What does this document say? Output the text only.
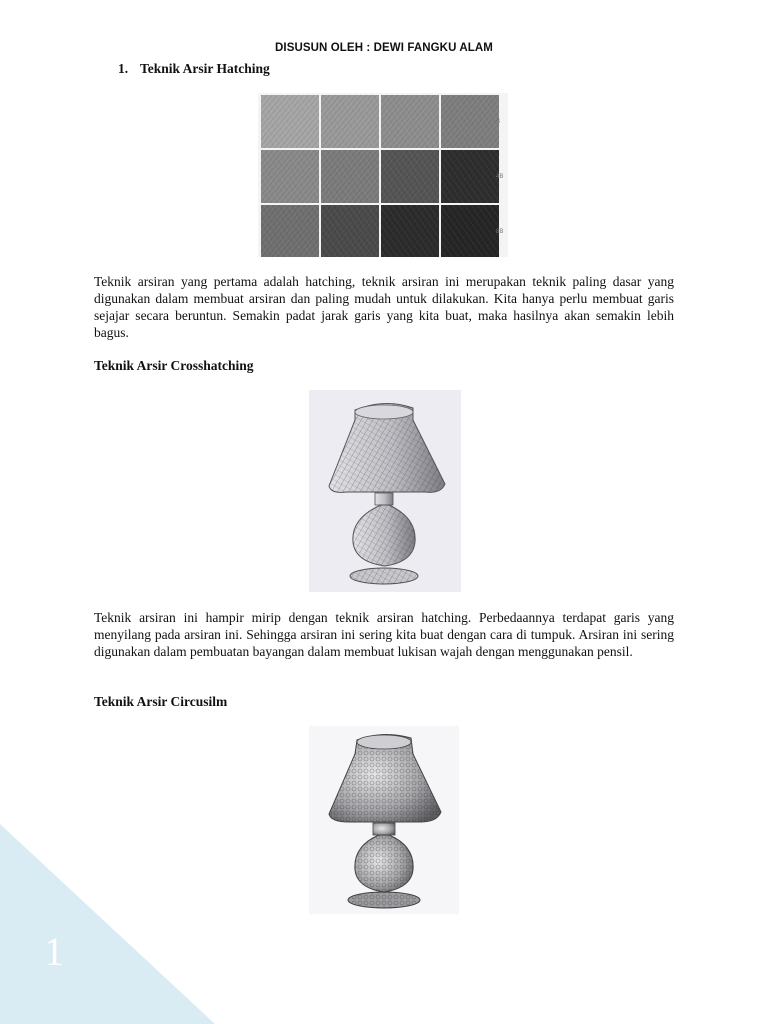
DISUSUN OLEH : DEWI FANGKU ALAM
1. Teknik Arsir Hatching
B
4B
8B

Teknik arsiran yang pertama adalah hatching, teknik arsiran ini merupakan teknik paling dasar yang digunakan dalam membuat arsiran dan paling mudah untuk dilakukan. Kita hanya perlu membuat garis sejajar secara beruntun. Semakin padat jarak garis yang kita buat, maka hasilnya akan semakin lebih bagus.

Teknik Arsir Crosshatching

Teknik arsiran ini hampir mirip dengan teknik arsiran hatching. Perbedaannya terdapat garis yang menyilang pada arsiran ini. Sehingga arsiran ini sering kita buat dengan cara di tumpuk. Arsiran ini sering digunakan dalam pembuatan bayangan dalam membuat lukisan wajah dengan menggunakan pensil.

Teknik Arsir Circusilm
1
